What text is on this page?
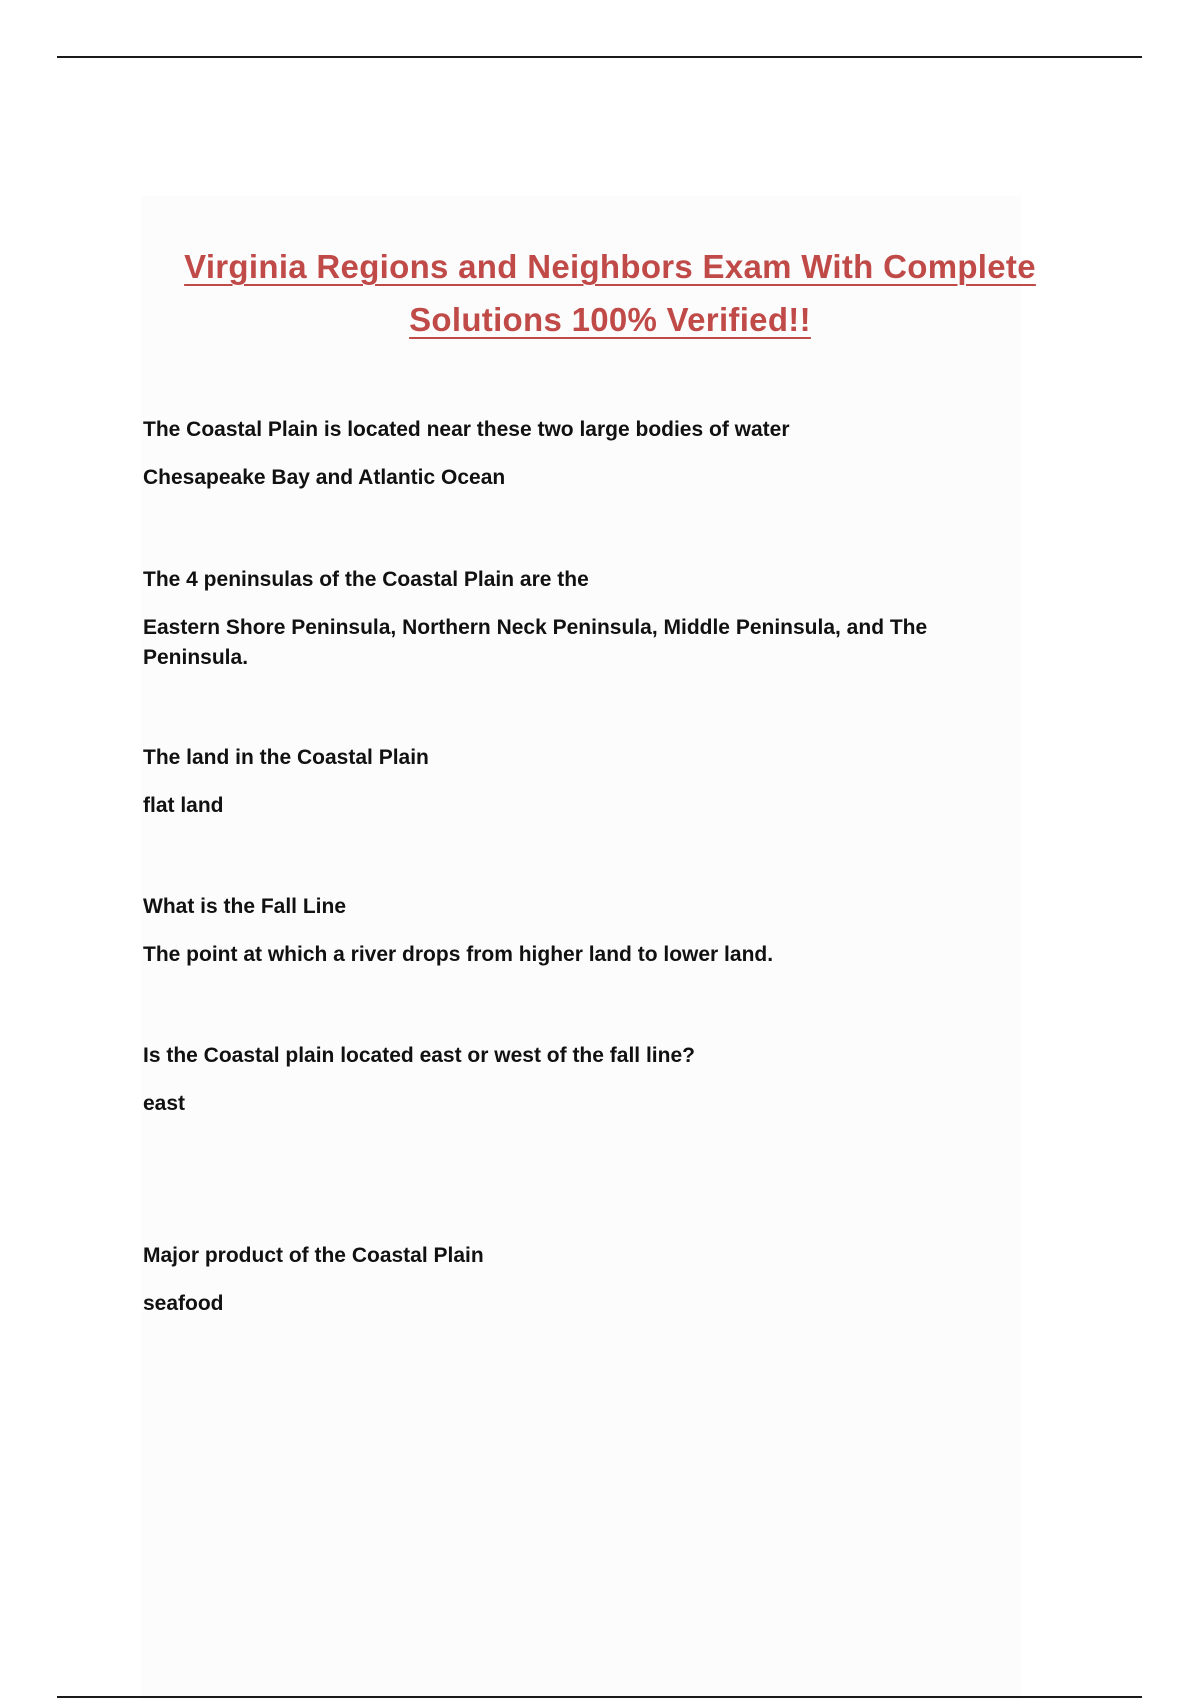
Virginia Regions and Neighbors Exam With Complete
Solutions 100% Verified!!

The Coastal Plain is located near these two large bodies of water

Chesapeake Bay and Atlantic Ocean

The 4 peninsulas of the Coastal Plain are the

Eastern Shore Peninsula, Northern Neck Peninsula, Middle Peninsula, and The Peninsula.

The land in the Coastal Plain

flat land

What is the Fall Line

The point at which a river drops from higher land to lower land.

Is the Coastal plain located east or west of the fall line?

east

Major product of the Coastal Plain

seafood
